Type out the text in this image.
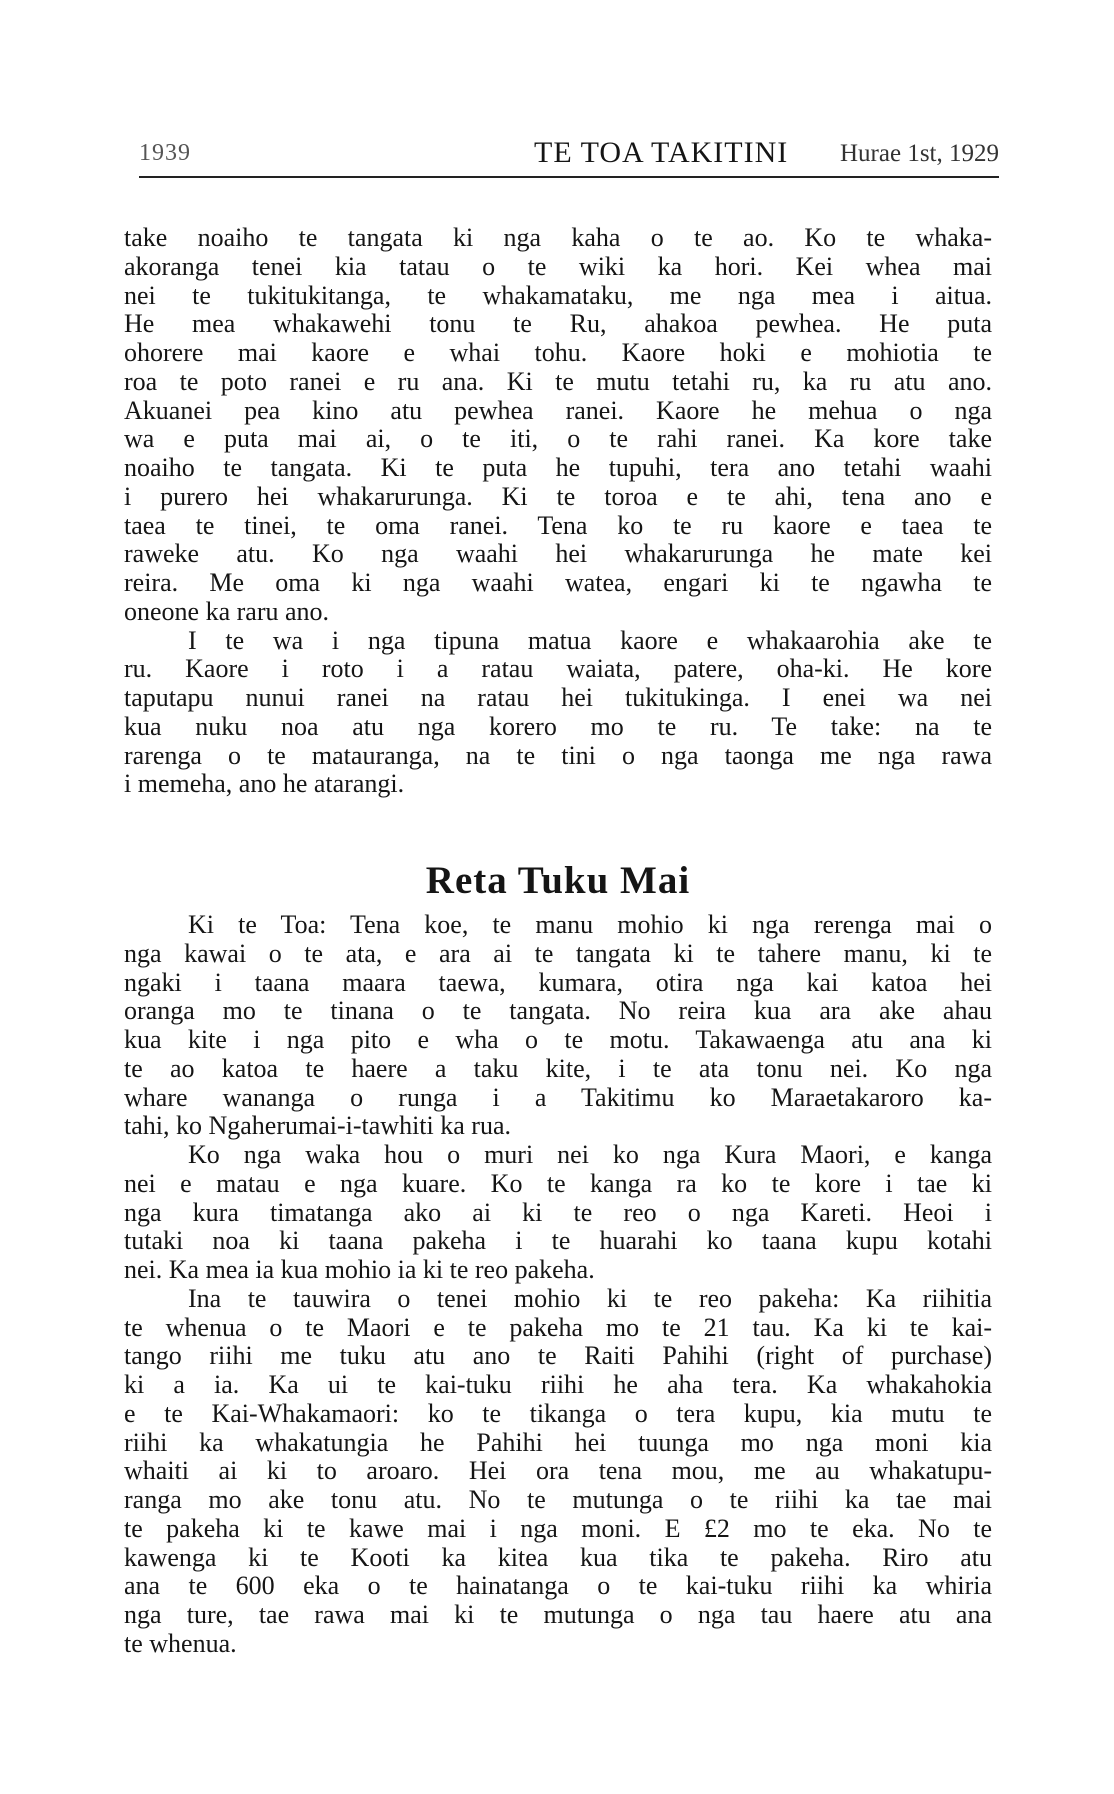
1939	TE TOA TAKITINI Hurae 1st, 1929
take noaiho te tangata ki nga kaha o te ao. Ko te whaka-
akoranga tenei kia tatau o te wiki ka hori. Kei whea mai
nei te tukitukitanga, te whakamataku, me nga mea i aitua.
He mea whakawehi tonu te Ru, ahakoa pewhea. He puta
ohorere mai kaore e whai tohu. Kaore hoki e mohiotia te
roa te poto ranei e ru ana. Ki te mutu tetahi ru, ka ru atu ano.
Akuanei pea kino atu pewhea ranei. Kaore he mehua o nga
wa e puta mai ai, o te iti, o te rahi ranei. Ka kore take
noaiho te tangata. Ki te puta he tupuhi, tera ano tetahi waahi
i purero hei whakarurunga. Ki te toroa e te ahi, tena ano e
taea te tinei, te oma ranei. Tena ko te ru kaore e taea te
raweke atu. Ko nga waahi hei whakarurunga he mate kei
reira. Me oma ki nga waahi watea, engari ki te ngawha te
oneone ka raru ano.
I te wa i nga tipuna matua kaore e whakaarohia ake te
ru. Kaore i roto i a ratau waiata, patere, oha-ki. He kore
taputapu nunui ranei na ratau hei tukitukinga. I enei wa nei
kua nuku noa atu nga korero mo te ru. Te take: na te
rarenga o te matauranga, na te tini o nga taonga me nga rawa
i memeha, ano he atarangi.
Reta Tuku Mai
Ki te Toa: Tena koe, te manu mohio ki nga rerenga mai o
nga kawai o te ata, e ara ai te tangata ki te tahere manu, ki te
ngaki i taana maara taewa, kumara, otira nga kai katoa hei
oranga mo te tinana o te tangata. No reira kua ara ake ahau
kua kite i nga pito e wha o te motu. Takawaenga atu ana ki
te ao katoa te haere a taku kite, i te ata tonu nei. Ko nga
whare wananga o runga i a Takitimu ko Maraetakaroro ka-
tahi, ko Ngaherumai-i-tawhiti ka rua.
Ko nga waka hou o muri nei ko nga Kura Maori, e kanga
nei e matau e nga kuare. Ko te kanga ra ko te kore i tae ki
nga kura timatanga ako ai ki te reo o nga Kareti. Heoi i
tutaki noa ki taana pakeha i te huarahi ko taana kupu kotahi
nei. Ka mea ia kua mohio ia ki te reo pakeha.
Ina te tauwira o tenei mohio ki te reo pakeha: Ka riihitia
te whenua o te Maori e te pakeha mo te 21 tau. Ka ki te kai-
tango riihi me tuku atu ano te Raiti Pahihi (right of purchase)
ki a ia. Ka ui te kai-tuku riihi he aha tera. Ka whakahokia
e te Kai-Whakamaori: ko te tikanga o tera kupu, kia mutu te
riihi ka whakatungia he Pahihi hei tuunga mo nga moni kia
whaiti ai ki to aroaro. Hei ora tena mou, me au whakatupu-
ranga mo ake tonu atu. No te mutunga o te riihi ka tae mai
te pakeha ki te kawe mai i nga moni. E £2 mo te eka. No te
kawenga ki te Kooti ka kitea kua tika te pakeha. Riro atu
ana te 600 eka o te hainatanga o te kai-tuku riihi ka whiria
nga ture, tae rawa mai ki te mutunga o nga tau haere atu ana
te whenua.
